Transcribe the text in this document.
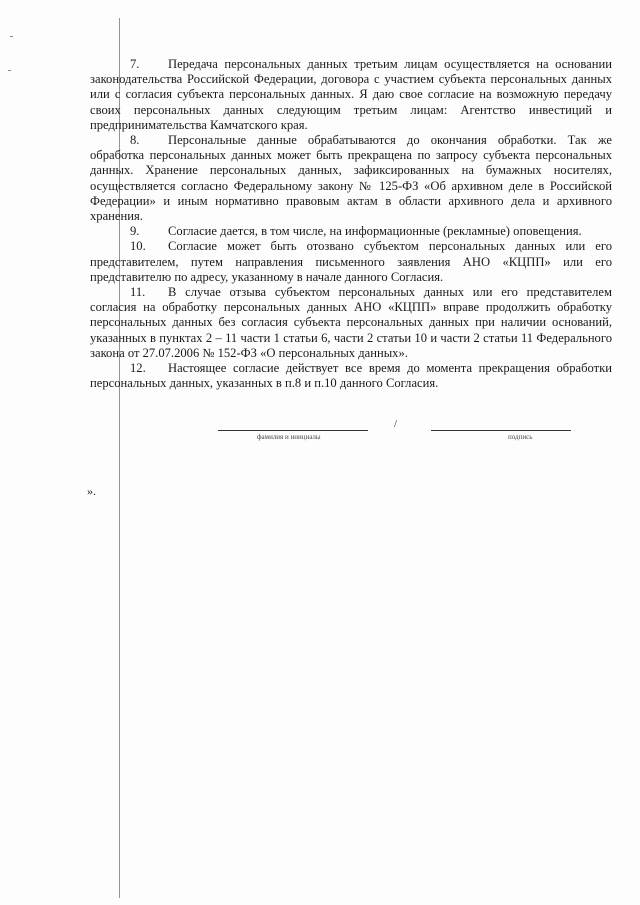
7. Передача персональных данных третьим лицам осуществляется на основании законодательства Российской Федерации, договора с участием субъекта персональных данных или с согласия субъекта персональных данных. Я даю свое согласие на возможную передачу своих персональных данных следующим третьим лицам: Агентство инвестиций и предпринимательства Камчатского края.

8. Персональные данные обрабатываются до окончания обработки. Так же обработка персональных данных может быть прекращена по запросу субъекта персональных данных. Хранение персональных данных, зафиксированных на бумажных носителях, осуществляется согласно Федеральному закону № 125-ФЗ «Об архивном деле в Российской Федерации» и иным нормативно правовым актам в области архивного дела и архивного хранения.

9. Согласие дается, в том числе, на информационные (рекламные) оповещения.

10. Согласие может быть отозвано субъектом персональных данных или его представителем, путем направления письменного заявления АНО «КЦПП» или его представителю по адресу, указанному в начале данного Согласия.

11. В случае отзыва субъектом персональных данных или его представителем согласия на обработку персональных данных АНО «КЦПП» вправе продолжить обработку персональных данных без согласия субъекта персональных данных при наличии оснований, указанных в пунктах 2 – 11 части 1 статьи 6, части 2 статьи 10 и части 2 статьи 11 Федерального закона от 27.07.2006 № 152-ФЗ «О персональных данных».

12. Настоящее согласие действует все время до момента прекращения обработки персональных данных, указанных в п.8 и п.10 данного Согласия.

фамилия и инициалы
/
подпись
».
